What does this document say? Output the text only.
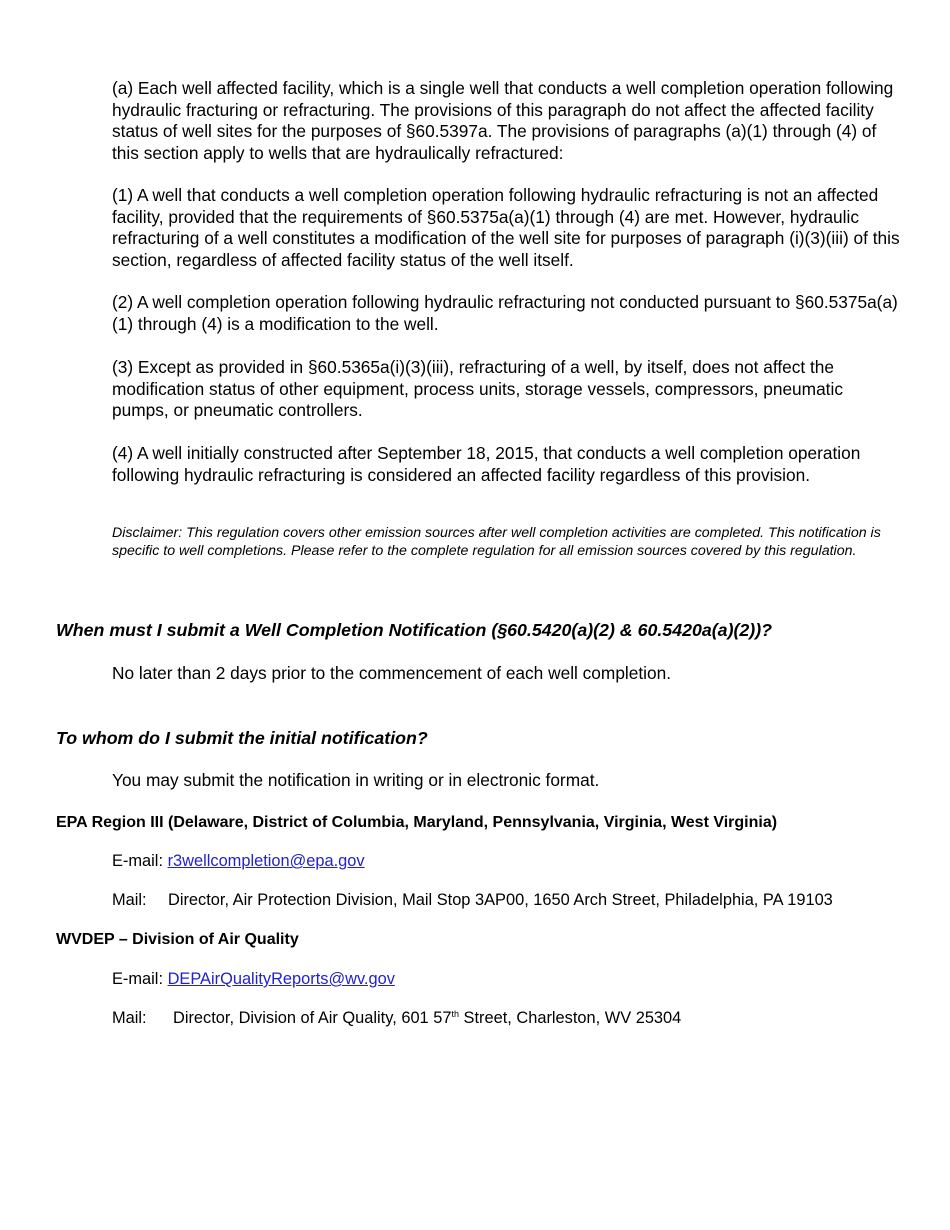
(a) Each well affected facility, which is a single well that conducts a well completion operation following hydraulic fracturing or refracturing. The provisions of this paragraph do not affect the affected facility status of well sites for the purposes of §60.5397a. The provisions of paragraphs (a)(1) through (4) of this section apply to wells that are hydraulically refractured:

(1) A well that conducts a well completion operation following hydraulic refracturing is not an affected facility, provided that the requirements of §60.5375a(a)(1) through (4) are met. However, hydraulic refracturing of a well constitutes a modification of the well site for purposes of paragraph (i)(3)(iii) of this section, regardless of affected facility status of the well itself.

(2) A well completion operation following hydraulic refracturing not conducted pursuant to §60.5375a(a)(1) through (4) is a modification to the well.

(3) Except as provided in §60.5365a(i)(3)(iii), refracturing of a well, by itself, does not affect the modification status of other equipment, process units, storage vessels, compressors, pneumatic pumps, or pneumatic controllers.

(4) A well initially constructed after September 18, 2015, that conducts a well completion operation following hydraulic refracturing is considered an affected facility regardless of this provision.

Disclaimer: This regulation covers other emission sources after well completion activities are completed. This notification is specific to well completions. Please refer to the complete regulation for all emission sources covered by this regulation.

When must I submit a Well Completion Notification (§60.5420(a)(2) & 60.5420a(a)(2))?

No later than 2 days prior to the commencement of each well completion.

To whom do I submit the initial notification?

You may submit the notification in writing or in electronic format.

EPA Region III (Delaware, District of Columbia, Maryland, Pennsylvania, Virginia, West Virginia)
E-mail: r3wellcompletion@epa.gov
Mail: Director, Air Protection Division, Mail Stop 3AP00, 1650 Arch Street, Philadelphia, PA 19103
WVDEP – Division of Air Quality
E-mail: DEPAirQualityReports@wv.gov
Mail: Director, Division of Air Quality, 601 57th Street, Charleston, WV 25304
